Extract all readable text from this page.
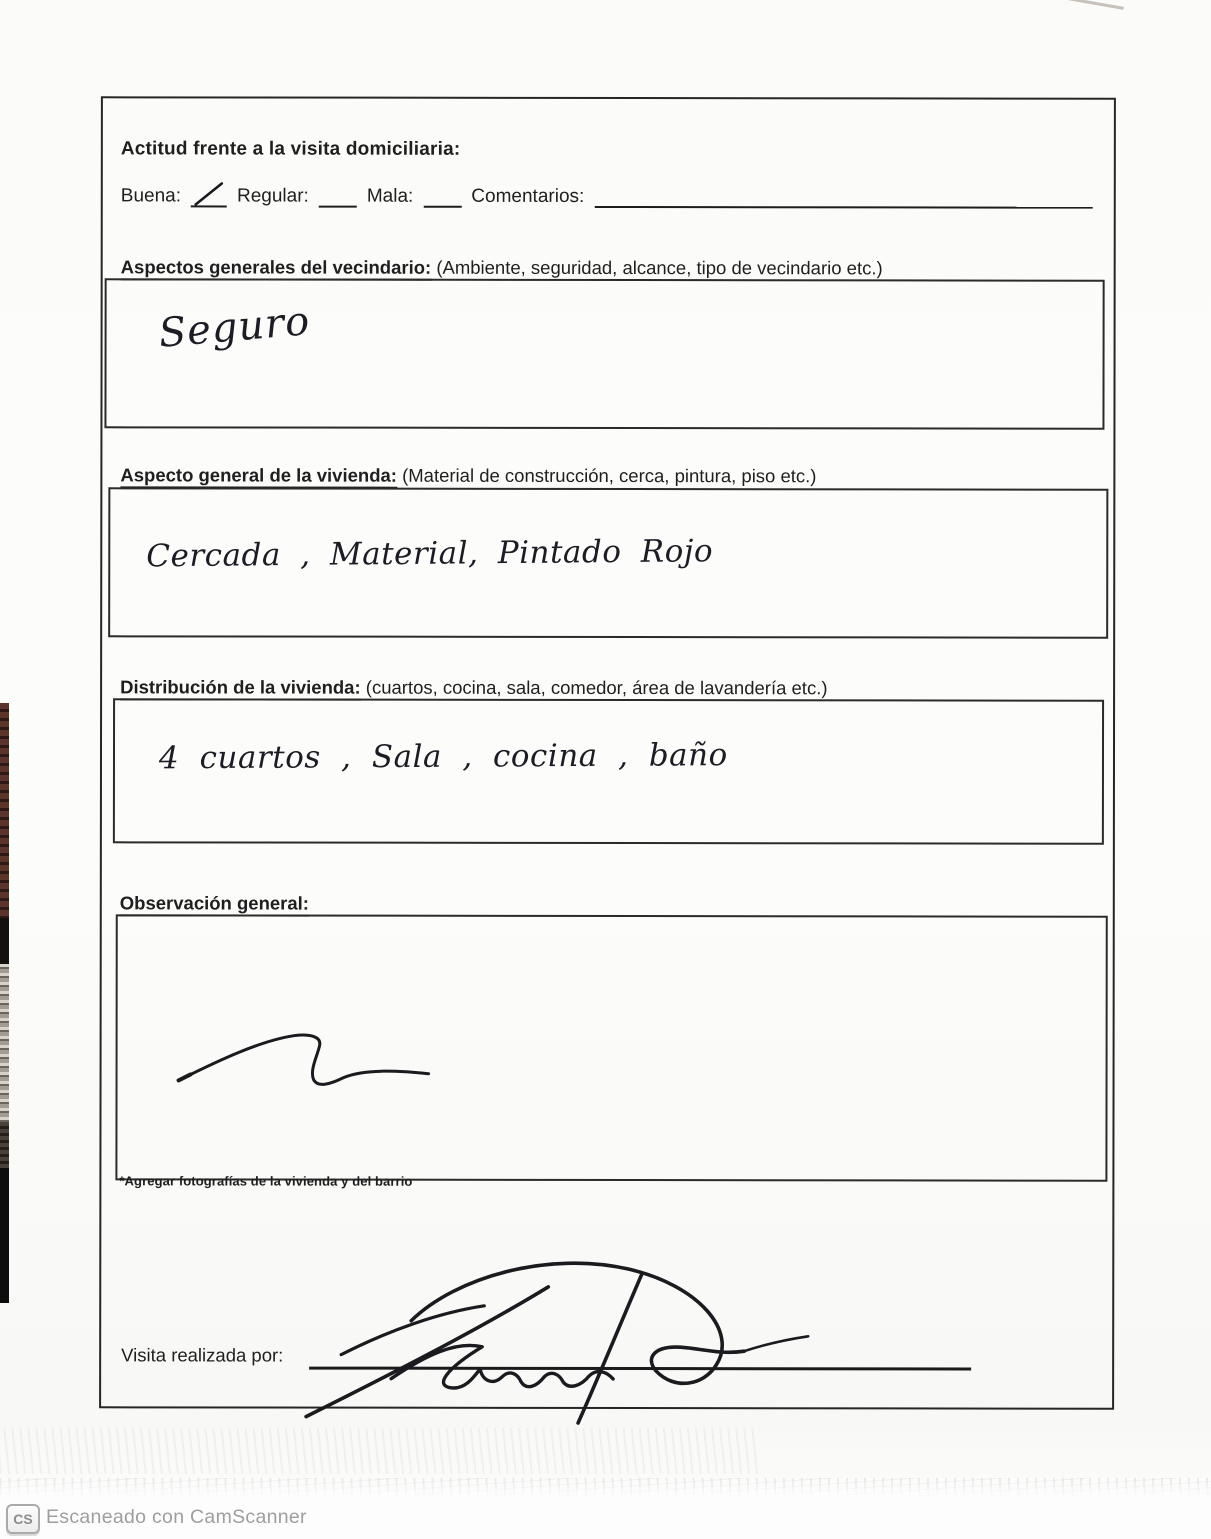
Actitud frente a la visita domiciliaria:
Buena:	Regular:	Mala:	Comentarios:
Aspectos generales del vecindario: (Ambiente, seguridad, alcance, tipo de vecindario etc.)
Seguro
Aspecto general de la vivienda: (Material de construcción, cerca, pintura, piso etc.)
Cercada , Material, Pintado Rojo
Distribución de la vivienda: (cuartos, cocina, sala, comedor, área de lavandería etc.)
4 cuartos , Sala , cocina , baño
Observación general:
*Agregar fotografías de la vivienda y del barrio
Visita realizada por:
CS Escaneado con CamScanner
